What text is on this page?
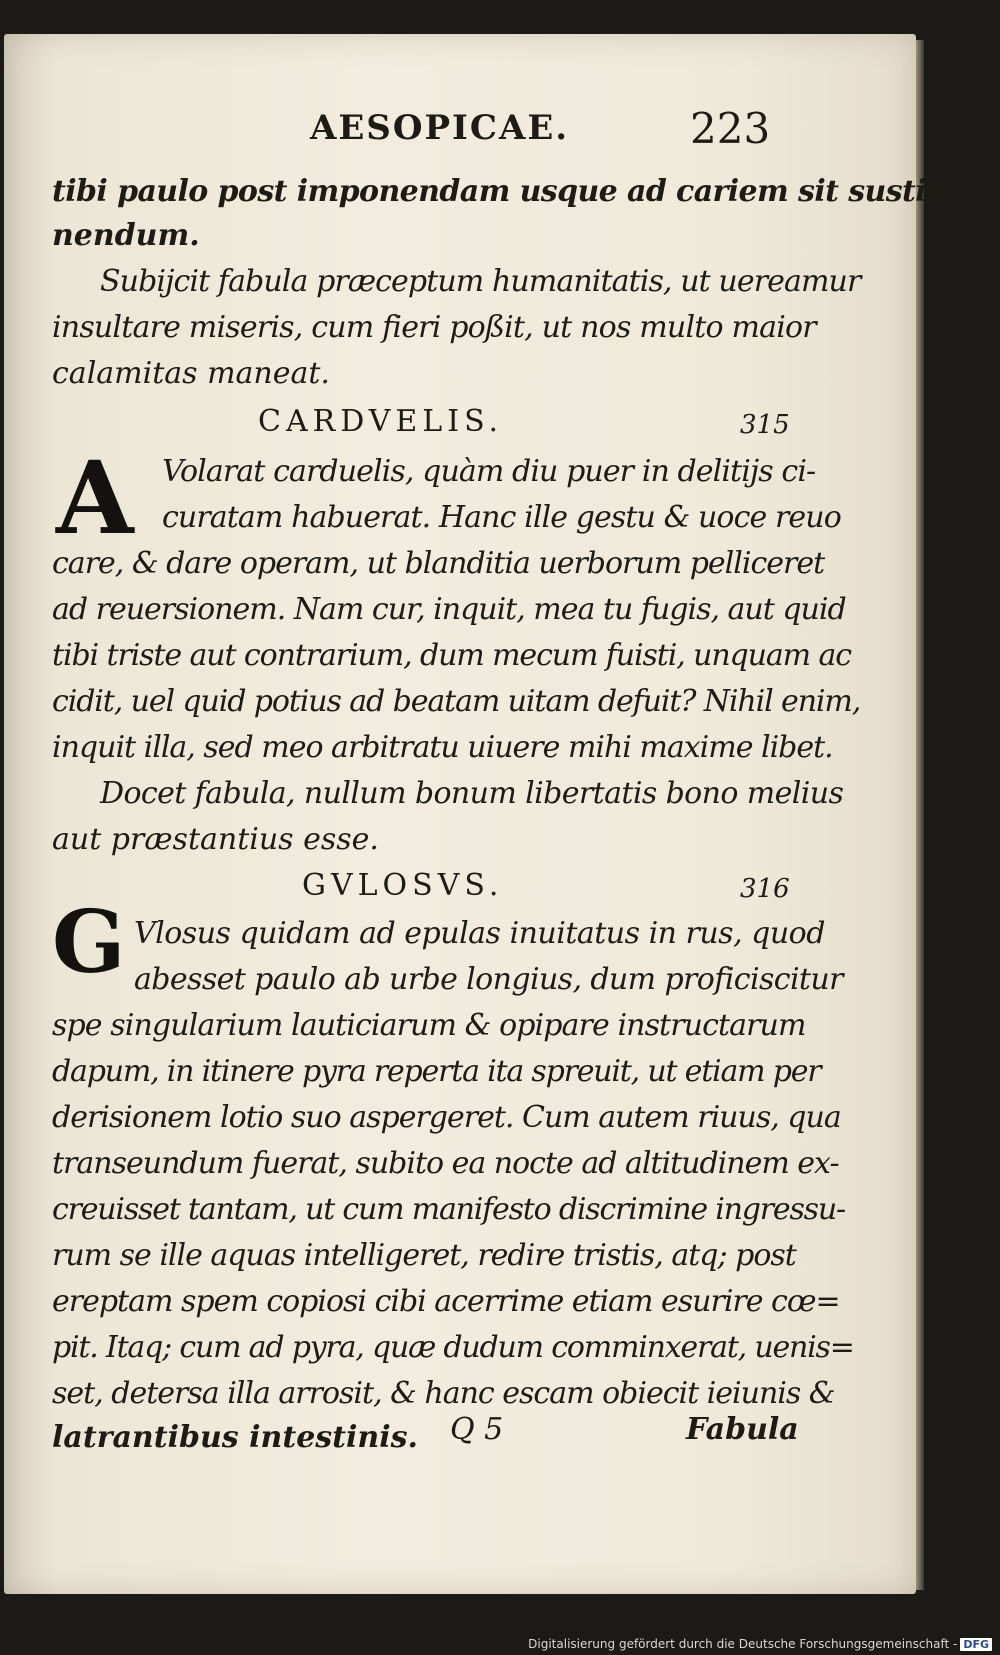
AESOPICAE.	223
tibi paulo post imponendam usque ad cariem sit susti=
nendum.
Subijcit fabula præceptum humanitatis, ut uereamur
insultare miseris, cum fieri poßit, ut nos multo maior
calamitas maneat.
CARDVELIS.	315
A Volarat carduelis, quàm diu puer in delitijs ci-
curatam habuerat. Hanc ille gestu & uoce reuo
care, & dare operam, ut blanditia uerborum pelliceret
ad reuersionem. Nam cur, inquit, mea tu fugis, aut quid
tibi triste aut contrarium, dum mecum fuisti, unquam ac
cidit, uel quid potius ad beatam uitam defuit? Nihil enim,
inquit illa, sed meo arbitratu uiuere mihi maxime libet.
Docet fabula, nullum bonum libertatis bono melius
aut præstantius esse.
GVLOSVS.	316
G Vlosus quidam ad epulas inuitatus in rus, quod
abesset paulo ab urbe longius, dum proficiscitur
spe singularium lauticiarum & opipare instructarum
dapum, in itinere pyra reperta ita spreuit, ut etiam per
derisionem lotio suo aspergeret. Cum autem riuus, qua
transeundum fuerat, subito ea nocte ad altitudinem ex-
creuisset tantam, ut cum manifesto discrimine ingressu-
rum se ille aquas intelligeret, redire tristis, atq; post
ereptam spem copiosi cibi acerrime etiam esurire cœ=
pit. Itaq; cum ad pyra, quæ dudum comminxerat, uenis=
set, detersa illa arrosit, & hanc escam obiecit ieiunis &
latrantibus intestinis. Q 5	Fabula
Digitalisierung gefördert durch die Deutsche Forschungsgemeinschaft - DFG
